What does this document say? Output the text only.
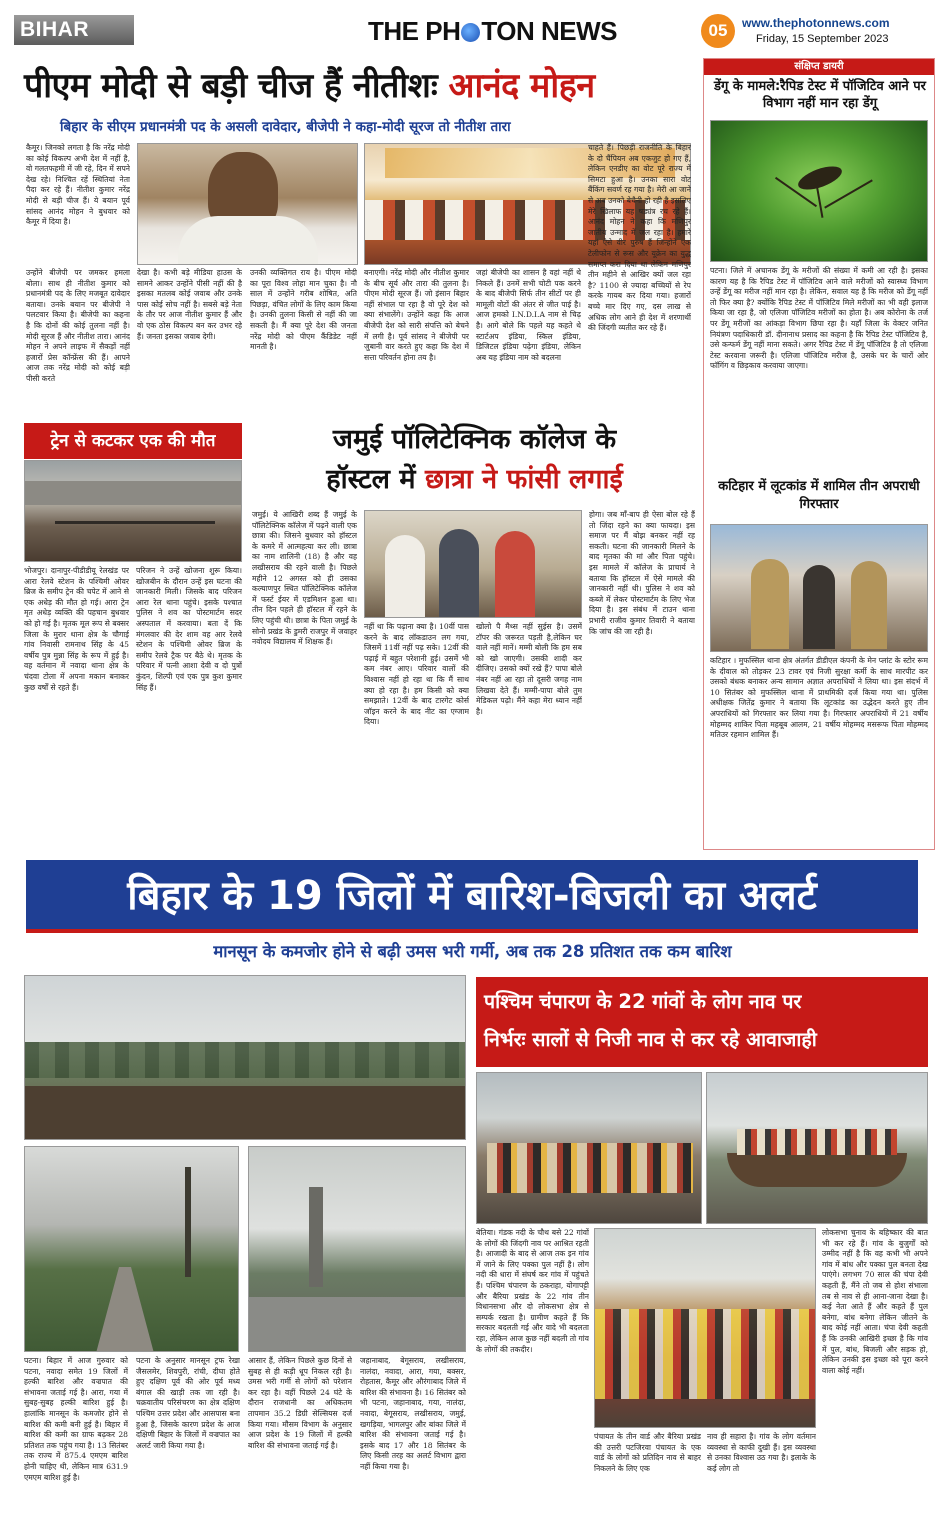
BIHAR	THE PH TON NEWS	05	www.thephotonnews.com
Friday, 15 September 2023
पीएम मोदी से बड़ी चीज हैं नीतीशः आनंद मोहन
बिहार के सीएम प्रधानमंत्री पद के असली दावेदार, बीजेपी ने कहा-मोदी सूरज तो नीतीश तारा

कैमूर। जिनको लगता है कि नरेंद्र मोदी का कोई विकल्प अभी देश में नहीं है, वो गलतफहमी में जी रहे, दिन में सपने देख रहे। निश्चित रहें स्थितियां नेता पैदा कर रहे हैं। नीतीश कुमार नरेंद्र मोदी से बड़ी चीज हैं। ये बयान पूर्व सांसद आनंद मोहन ने बुधवार को कैमूर में दिया है।

उन्होंने बीजेपी पर जमकर हमला बोला। साथ ही नीतीश कुमार को प्रधानमंत्री पद के लिए मजबूत दावेदार बताया। उनके बयान पर बीजेपी ने पलटवार किया है। बीजेपी का कहना है कि दोनों की कोई तुलना नहीं है। मोदी सूरज हैं और नीतीश तारा। आनंद मोहन ने अपने लाइफ में सैकड़ों नहीं हजारों प्रेस कॉन्फ्रेंस की हैं। आपने आज तक नरेंद्र मोदी को कोई बड़ी पीसी करते

देखा है। कभी बड़े मीडिया हाउस के सामने आकर उन्होंने पीसी नहीं की है इसका मतलब कोई जवाब और उनके पास कोई सोच नहीं है। सबसे बड़े नेता के तौर पर आज नीतीश कुमार हैं और वो एक ठोस विकल्प बन कर उभर रहे हैं। जनता इसका जवाब देगी।

उनकी व्यक्तिगत राय है। पीएम मोदी का पूरा विश्व लोहा मान चुका है। नौ साल में उन्होंने गरीब शोषित, अति पिछड़ा, वंचित लोगों के लिए काम किया है। उनकी तुलना किसी से नहीं की जा सकती है। मैं क्या पूरे देश की जनता नरेंद्र मोदी को पीएम कैंडिडेट नहीं मानती है।

बनाएगी। नरेंद्र मोदी और नीतीश कुमार के बीच सूर्य और तारा की तुलना है। पीएम मोदी सूरज हैं। जो इंसान बिहार नहीं संभाल पा रहा है वो पूरे देश को क्या संभालेंगे। उन्होंने कहा कि आज बीजेपी देश को सारी संपत्ति को बेचने में लगी है। पूर्व सांसद ने बीजेपी पर जुबानी वार करते हुए कहा कि देश में सत्ता परिवर्तन होना तय है।

जहां बीजेपी का शासन है वहां नहीं थे निकले हैं। उनमें सभी चोटी पक करने के बाद बीजेपी सिर्फ तीन सीटों पर ही मामूली वोटों की अंतर से जीत पाई है। आज हमको I.N.D.I.A नाम से चिढ़ है। आगे बोले कि पहले यह कहते थे स्टार्टअप इंडिया, स्किल इंडिया, डिजिटल इंडिया पढ़ेगा इंडिया, लेकिन अब यह इंडिया नाम को बदलना

चाहते हैं। पिछड़ी राजनीति के बिहार के दो चैंपियन अब एकजुट हो गए हैं, लेकिन एनडीए का वोट पूरे राज्य में सिमटा हुआ है। उनका सारा वोट बैंकिंग सवर्ण रह गया है। मेरी आ जाने से अब उनको बेचैनी हो रही है इसलिए मेरे खिलाफ यह षड्यंत्र रच रहे हैं। आनंद मोहन ने कहा कि मणिपुर जातीय उन्माद में जल रहा है। हमारे यहां ऐसे वीर पुरुष हैं जिन्होंने एक टेलीफोन से रूस और यूक्रेन का युद्ध समाप्त करा दिया था लेकिन मणिपुर तीन महीने से आखिर क्यों जल रहा है? 1100 से ज्यादा बच्चियों से रेप करके गायब कर दिया गया। हजारों बच्चे मार दिए गए, दस लाख से अधिक लोग आने ही देश में शरणार्थी की जिंदगी व्यतीत कर रहे हैं।

संक्षिप्त डायरी
डेंगू के मामले:रैपिड टेस्ट में पॉजिटिव आने पर विभाग नहीं मान रहा डेंगू

पटना। जिले में अचानक डेंगू के मरीजों की संख्या में कमी आ रही है। इसका कारण यह है कि रैपिड टेस्ट में पॉजिटिव आने वाले मरीजों को स्वास्थ्य विभाग उन्हें डेंगू का मरीज नहीं मान रहा है। लेकिन, सवाल यह है कि मरीज को डेंगू नहीं तो फिर क्या है? क्योंकि रैपिड टेस्ट में पॉजिटिव मिले मरीजों का भी वही इलाज किया जा रहा है, जो एलिजा पॉजिटिव मरीजों का होता है। अब कोरोना के तर्ज पर डेंगू मरीजों का आंकड़ा विभाग छिपा रहा है। यहाँ जिला के वेक्टर जनित नियंत्रण पदाधिकारी डॉ. दीनानाथ प्रसाद का कहना है कि रैपिड टेस्ट पॉजिटिव है, उसे कन्फर्म डेंगू नहीं माना सकते। अगर रैपिड टेस्ट में डेंगू पॉजिटिव है तो एलिजा टेस्ट करवाना जरूरी है। एलिजा पॉजिटिव मरीज है, उसके घर के चारों ओर फॉगिंग व छिड़काव करवाया जाएगा।

कटिहार में लूटकांड में शामिल तीन अपराधी गिरफ्तार

कटिहार । मुफस्सिल थाना क्षेत्र अंतर्गत डीडीएल कंपनी के मेन प्लांट के स्टोर रूम के दीवाल को तोड़कर 23 टावर एवं निजी सुरक्षा कर्मी के साथ मारपीट कर उसको बंधक बनाकर अन्य सामान अज्ञात अपराधियों ने लिया था। इस संदर्भ में 10 सितंबर को मुफस्सिल थाना में प्राथमिकी दर्ज किया गया था। पुलिस अधीक्षक जितेंद्र कुमार ने बताया कि लूटकांड का उद्भेदन करते हुए तीन अपराधियों को गिरफ्तार कर लिया गया है। गिरफ्तार अपराधियों में 21 वर्षीय मोहम्मद शाकिर पिता महबूब आलम, 21 वर्षीय मोहम्मद मसरूफ पिता मोहम्मद मतिउर रहमान शामिल हैं।

ट्रेन से कटकर एक की मौत

भोजपुर। दानापुर-पीडीडीयू रेलखंड पर आरा रेलवे स्टेशन के पश्चिमी ओवर ब्रिज के समीप ट्रेन की चपेट में आने से एक अधेड़ की मौत हो गई। आरा ट्रेन मृत अधेड़ व्यक्ति की पहचान बुधवार को हो गई है। मृतक मूल रूप से बक्सर जिला के मुरार थाना क्षेत्र के चौगाई गांव निवासी रामनाथ सिंह के 45 वर्षीय पुत्र मुन्ना सिंह के रूप में हुई है। वह वर्तमान में नवादा थाना क्षेत्र के चंदवा टोला में अपना मकान बनाकर कुछ वर्षों से रहते हैं।

परिजन ने उन्हें खोजना शुरू किया। खोजबीन के दौरान उन्हें इस घटना की जानकारी मिली। जिसके बाद परिजन आरा रेल थाना पहुंचे। इसके पश्चात पुलिस ने शव का पोस्टमार्टम सदर अस्पताल में करवाया। बता दें कि मंगलवार की देर शाम वह आर रेलवे स्टेशन के पश्चिमी ओवर ब्रिज के समीप रेलवे ट्रैक पर बैठे थे। मृतक के परिवार में पत्नी आशा देवी व दो पुत्रों कुंदन, शिल्पी एवं एक पुत्र कुश कुमार सिंह हैं।

जमुई पॉलिटेक्निक कॉलेज के
हॉस्टल में छात्रा ने फांसी लगाई

जमुई। ये आखिरी शब्द हैं जमुई के पॉलिटेक्निक कॉलेज में पढ़ने वाली एक छात्रा की। जिसने बुधवार को हॉस्टल के कमरे में आत्महत्या कर ली। छात्रा का नाम शालिनी (18) है और वह लखीसराय की रहने वाली है। पिछले महीने 12 अगस्त को ही उसका कल्याणपुर स्थित पॉलिटेक्निक कॉलेज में फर्स्ट ईयर में एडमिशन हुआ था। तीन दिन पहले ही हॉस्टल में रहने के लिए पहुंची थी। छात्रा के पिता जमुई के सोनो प्रखंड के डुमरी राजपुर में जवाहर नवोदय विद्यालय में शिक्षक हैं।

नहीं था कि पढ़ाना क्या है। 10वीं पास करने के बाद लॉकडाउन लग गया, जिसमें 11वीं नहीं पढ़ सके। 12वीं की पढ़ाई में बहुत परेशानी हुई। उसमें भी कम नंबर आए। परिवार वालों की विश्वास नहीं हो रहा था कि मैं साथ क्या हो रहा है। हम किसी को क्या समझाते। 12वीं के बाद टारगेट कोर्स जॉइन करने के बाद नीट का एग्जाम दिया।

खोलो पै मैथ्स नहीं सुईस है। उसमें टॉपर की जरूरत पड़ती है,लेकिन घर वाले नहीं मानें। मम्मी बोली कि हम सब को खो जाएगी। उसकी शादी कर दीजिए। उसको क्यों रखे हैं? पापा बोले नंबर नहीं आ रहा तो दूसरी जगह नाम लिखवा देते हैं। मम्मी-पापा बोले तुम मेडिकल पढ़ो। मैंने कहा मेरा ध्यान नहीं है।

होगा। जब माँ-बाप ही ऐसा बोल रहे हैं तो जिंदा रहने का क्या फायदा। इस समाज पर मैं बोझ बनकर नहीं रह सकती। घटना की जानकारी मिलने के बाद मृतका की मां और पिता पहुंचे। इस मामले में कॉलेज के प्राचार्य ने बताया कि हॉस्टल में ऐसे मामले की जानकारी नहीं थी। पुलिस ने शव को कब्जे में लेकर पोस्टमार्टम के लिए भेज दिया है। इस संबंध में टाउन थाना प्रभारी राजीव कुमार तिवारी ने बताया कि जांच की जा रही है।

बिहार के 19 जिलों में बारिश-बिजली का अलर्ट
मानसून के कमजोर होने से बढ़ी उमस भरी गर्मी, अब तक 28 प्रतिशत तक कम बारिश

पटना। बिहार में आज गुरुवार को पटना, नवादा समेत 19 जिलों में हल्की बारिश और वज्रपात की संभावना जताई गई है। आरा, गया में सुबह-सुबह हल्की बारिश हुई है। हालांकि मानसून के कमजोर होने से बारिश की कमी बनी हुई है। बिहार में बारिश की कमी का ग्राफ बढ़कर 28 प्रतिशत तक पहुंच गया है। 13 सितंबर तक राज्य में 875.4 एमएम बारिश होनी चाहिए थी, लेकिन मात्र 631.9 एमएम बारिश हुई है।

पटना के अनुसार मानसून ट्रफ रेखा जैसलमेर, शिवपुरी, रांची, दीघा होते हुए दक्षिण पूर्व की ओर पूर्व मध्य बंगाल की खाड़ी तक जा रही है। चक्रवातीय परिसंचरण का क्षेत्र दक्षिण पश्चिम उत्तर प्रदेश और आसपास बना हुआ है, जिसके कारण प्रदेश के आज दक्षिणी बिहार के जिलों में वज्रपात का अलर्ट जारी किया गया है।

आसार हैं, लेकिन पिछले कुछ दिनों से सुबह से ही कड़ी धूप निकल रही है। उमस भरी गर्मी से लोगों को परेशान कर रहा है। वहीं पिछले 24 घंटे के दौरान राजधानी का अधिकतम तापमान 35.2 डिग्री सेल्सियस दर्ज किया गया। मौसम विभाग के अनुसार आज प्रदेश के 19 जिलों में हल्की बारिश की संभावना जताई गई है।

जहानाबाद, बेगूसराय, लखीसराय, नालंदा, नवादा, आरा, गया, बक्सर, रोहतास, कैमूर और औरंगाबाद जिले में बारिश की संभावना है। 16 सितंबर को भी पटना, जहानाबाद, गया, नालंदा, नवादा, बेगूसराय, लखीसराय, जमुई, खगड़िया, भागलपुर और बांका जिले में बारिश की संभावना जताई गई है। इसके बाद 17 और 18 सितंबर के लिए किसी तरह का अलर्ट विभाग द्वारा नहीं किया गया है।

पश्चिम चंपारण के 22 गांवों के लोग नाव पर
निर्भरः सालों से निजी नाव से कर रहे आवाजाही

बेतिया। गंडक नदी के चौथ बसे 22 गांवों के लोगों की जिंदगी नाव पर आश्रित रहती है। आजादी के बाद से आज तक इन गांव में जाने के लिए पक्का पुल नहीं है। लोग नदी की धारा में संघर्ष कर गांव में पहुंचते हैं। पश्चिम चंपारण के ठकराहा, योगापट्टी और बैरिया प्रखंड के 22 गांव तीन विधानसभा और दो लोकसभा क्षेत्र से सम्पर्क रखता है। ग्रामीण कहते हैं कि सरकार बदलती गई और वादे भी बदलता रहा, लेकिन आज कुछ नहीं बदली तो गांव के लोगों की तकदीर।

पंचायत के तीन वार्ड और बैरिया प्रखंड की उत्तरी पटजिरवा पंचायत के एक वार्ड के लोगों को प्रतिदिन नाव से बाहर निकलने के लिए एक

नाव ही सहारा है। गांव के लोग वर्तमान व्यवस्था से काफी दुखी हैं। इस व्यवस्था से उनका विश्वास उठ गया है। इलाके के कई लोग तो

लोकसभा चुनाव के बहिष्कार की बात भी कर रहे हैं। गांव के बुजुर्गों को उम्मीद नहीं है कि वह कभी भी अपने गांव में बांध और पक्का पुल बनता देख पाएंगे। लगभग 70 साल की चंपा देवी कहती हैं, मैंने तो जब से होश संभाला तब से नाव से ही आना-जाना देखा है। कई नेता आते हैं और कहते हैं पुल बनेगा, बांध बनेगा लेकिन जीतने के बाद कोई नहीं आता। चंपा देवी कहती हैं कि उनकी आखिरी इच्छा है कि गांव में पुल, बांध, बिजली और सड़क हो, लेकिन उनकी इस इच्छा को पूरा करने वाला कोई नहीं।
